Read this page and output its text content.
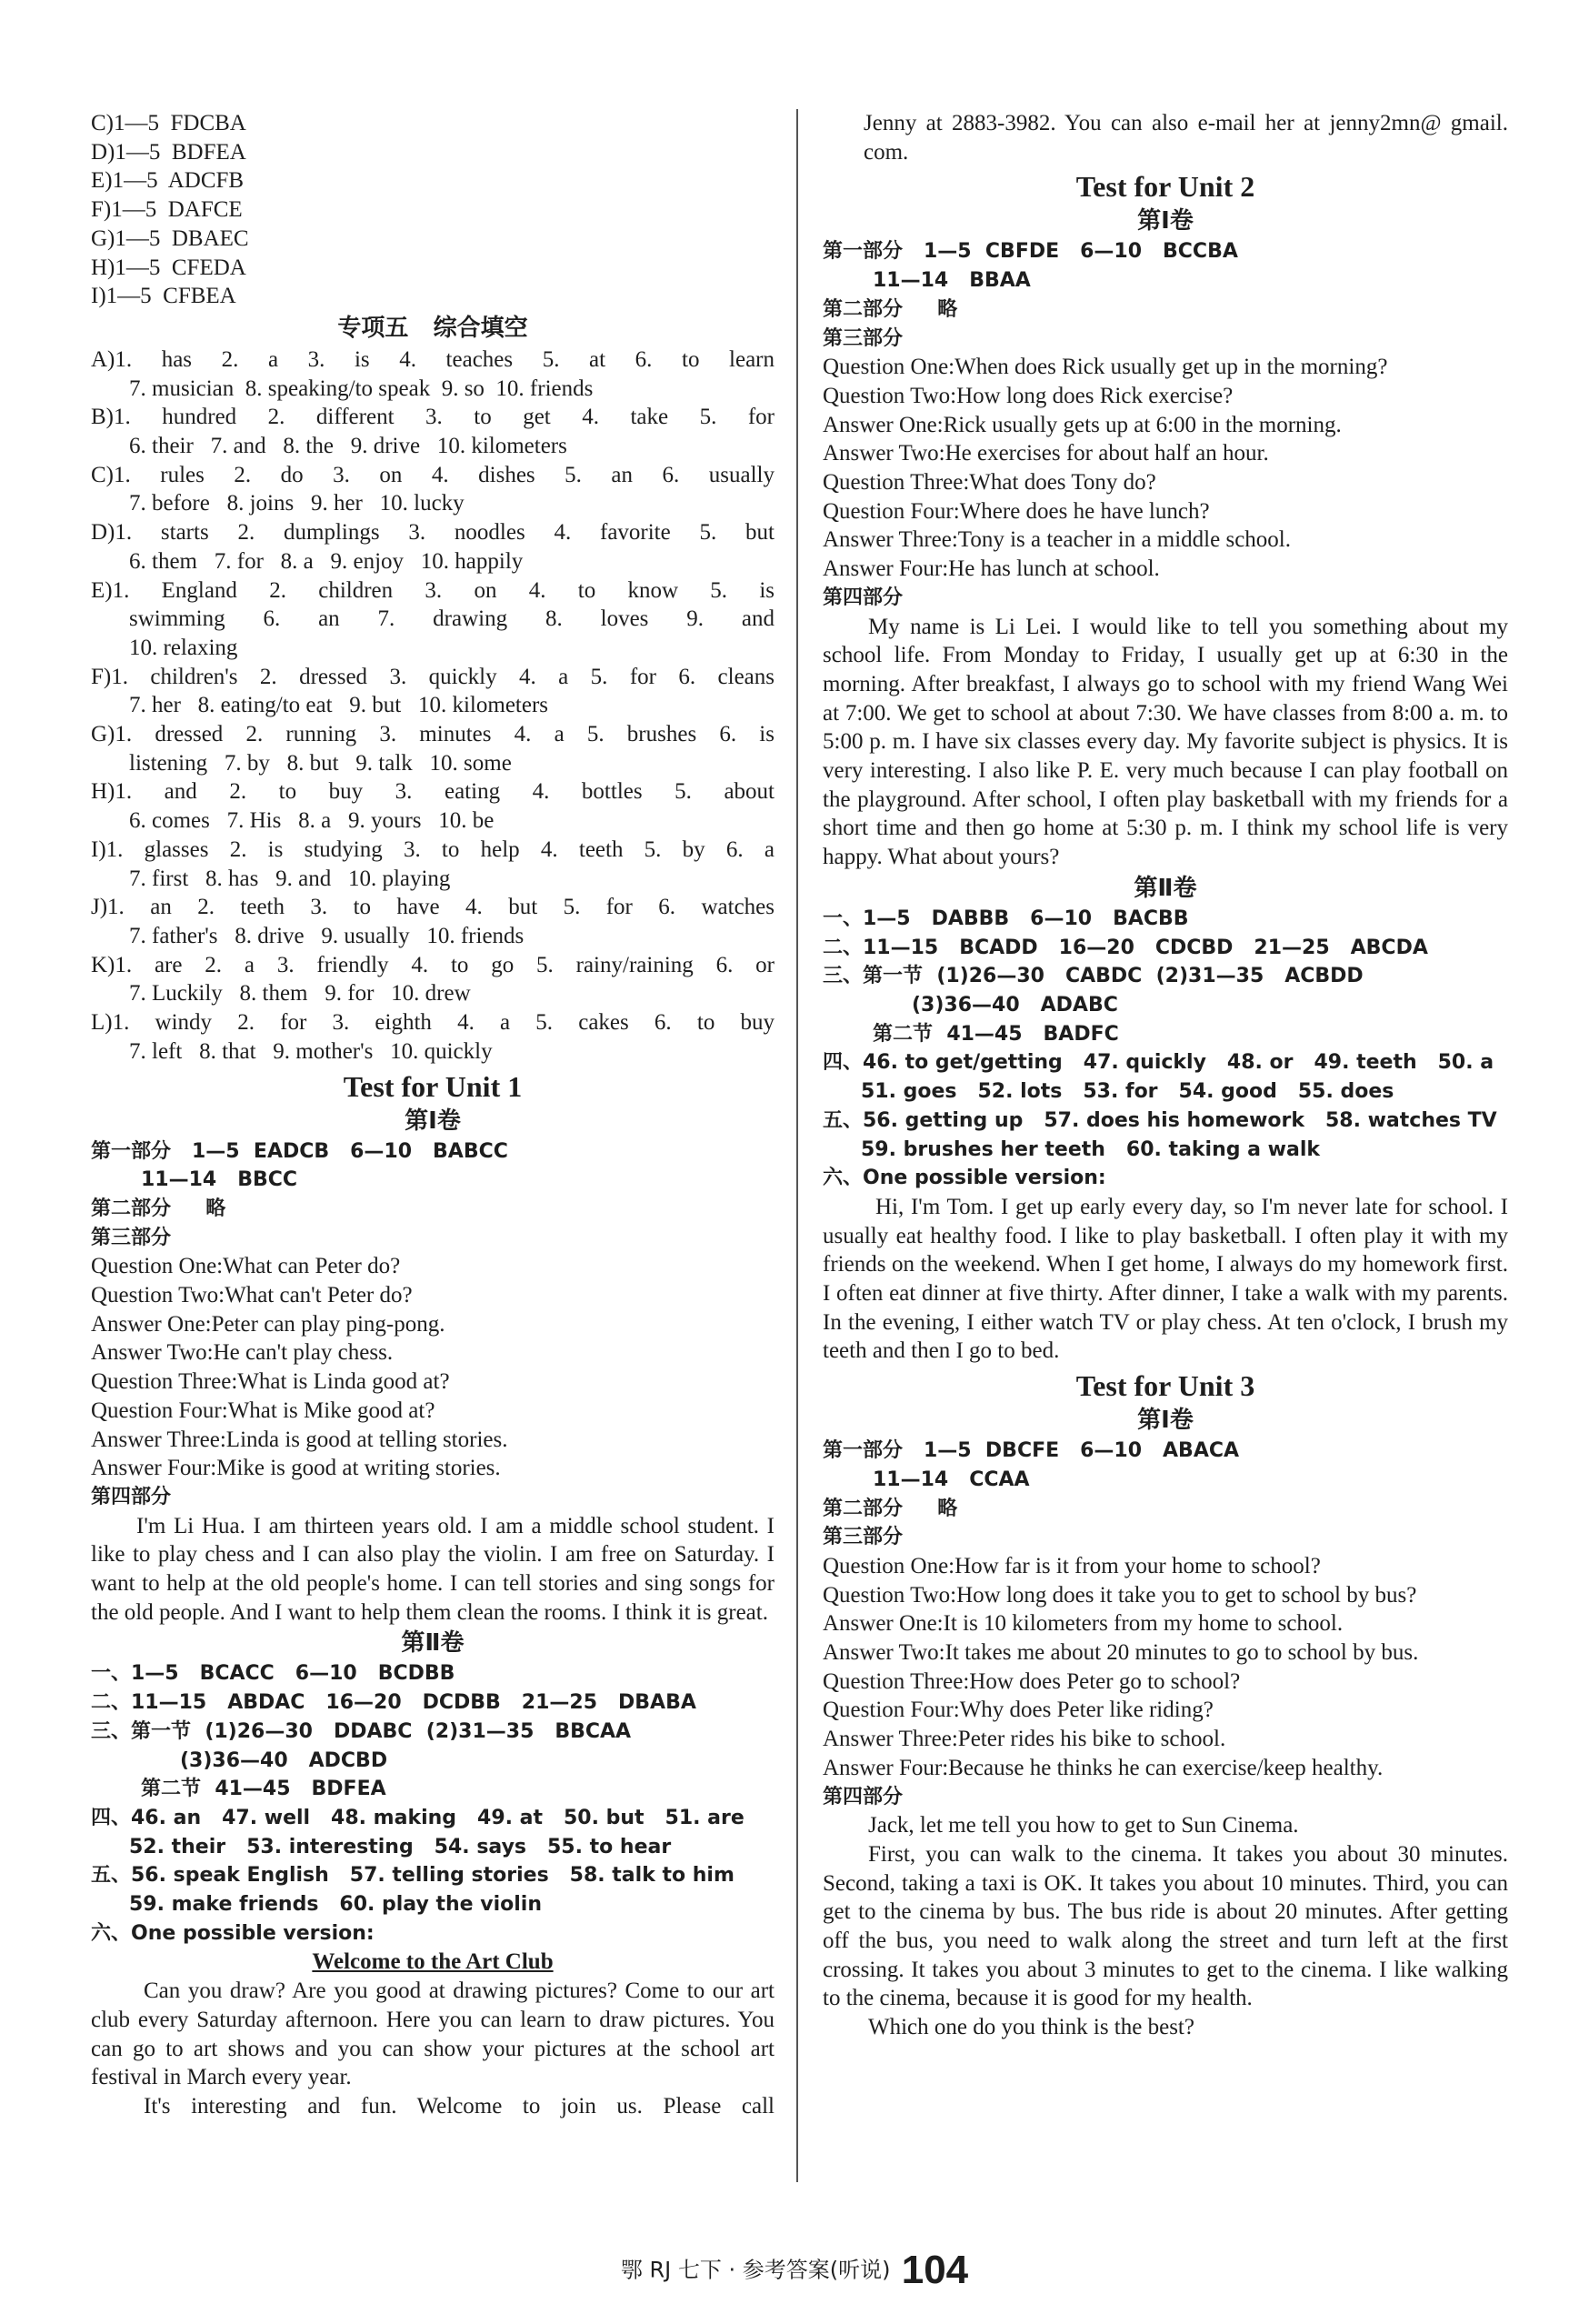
C)1—5  FDCBA
D)1—5  BDFEA
E)1—5  ADCFB
F)1—5  DAFCE
G)1—5  DBAEC
H)1—5  CFEDA
I)1—5  CFBEA
专项五   综合填空
A)1. has 2. a 3. is 4. teaches 5. at 6. to learn
7. musician  8. speaking/to speak  9. so  10. friends
B)1. hundred 2. different 3. to get 4. take 5. for
6. their   7. and   8. the   9. drive   10. kilometers
C)1. rules 2. do 3. on 4. dishes 5. an 6. usually
7. before   8. joins   9. her   10. lucky
D)1. starts 2. dumplings 3. noodles 4. favorite 5. but
6. them   7. for   8. a   9. enjoy   10. happily
E)1. England 2. children 3. on 4. to know 5. is
swimming 6. an 7. drawing 8. loves 9. and
10. relaxing
F)1. children's 2. dressed 3. quickly 4. a 5. for 6. cleans
7. her   8. eating/to eat   9. but   10. kilometers
G)1. dressed 2. running 3. minutes 4. a 5. brushes 6. is
listening   7. by   8. but   9. talk   10. some
H)1. and 2. to buy 3. eating 4. bottles 5. about
6. comes   7. His   8. a   9. yours   10. be
I)1. glasses 2. is studying 3. to help 4. teeth 5. by 6. a
7. first   8. has   9. and   10. playing
J)1. an 2. teeth 3. to have 4. but 5. for 6. watches
7. father's   8. drive   9. usually   10. friends
K)1. are 2. a 3. friendly 4. to go 5. rainy/raining 6. or
7. Luckily   8. them   9. for   10. drew
L)1. windy 2. for 3. eighth 4. a 5. cakes 6. to buy
7. left   8. that   9. mother's   10. quickly
Test for Unit 1
第Ⅰ卷
第一部分   1—5  EADCB   6—10   BABCC
11—14   BBCC
第二部分     略
第三部分
Question One:What can Peter do?
Question Two:What can't Peter do?
Answer One:Peter can play ping-pong.
Answer Two:He can't play chess.
Question Three:What is Linda good at?
Question Four:What is Mike good at?
Answer Three:Linda is good at telling stories.
Answer Four:Mike is good at writing stories.
第四部分
I'm Li Hua. I am thirteen years old. I am a middle school student. I like to play chess and I can also play the violin. I am free on Saturday. I want to help at the old people's home. I can tell stories and sing songs for the old people. And I want to help them clean the rooms. I think it is great.
第Ⅱ卷
一、1—5   BCACC   6—10   BCDBB
二、11—15   ABDAC   16—20   DCDBB   21—25   DBABA
三、第一节  (1)26—30   DDABC  (2)31—35   BBCAA
(3)36—40   ADCBD
第二节  41—45   BDFEA
四、46. an   47. well   48. making   49. at   50. but   51. are
52. their   53. interesting   54. says   55. to hear
五、56. speak English   57. telling stories   58. talk to him
59. make friends   60. play the violin
六、One possible version:
Welcome to the Art Club
Can you draw? Are you good at drawing pictures? Come to our art club every Saturday afternoon. Here you can learn to draw pictures. You can go to art shows and you can show your pictures at the school art festival in March every year.
It's interesting and fun. Welcome to join us. Please call
Jenny at 2883-3982. You can also e-mail her at jenny2mn@ gmail. com.
Test for Unit 2
第Ⅰ卷
第一部分   1—5  CBFDE   6—10   BCCBA
11—14   BBAA
第二部分     略
第三部分
Question One:When does Rick usually get up in the morning?
Question Two:How long does Rick exercise?
Answer One:Rick usually gets up at 6:00 in the morning.
Answer Two:He exercises for about half an hour.
Question Three:What does Tony do?
Question Four:Where does he have lunch?
Answer Three:Tony is a teacher in a middle school.
Answer Four:He has lunch at school.
第四部分
My name is Li Lei. I would like to tell you something about my school life. From Monday to Friday, I usually get up at 6:30 in the morning. After breakfast, I always go to school with my friend Wang Wei at 7:00. We get to school at about 7:30. We have classes from 8:00 a. m. to 5:00 p. m. I have six classes every day. My favorite subject is physics. It is very interesting. I also like P. E. very much because I can play football on the playground. After school, I often play basketball with my friends for a short time and then go home at 5:30 p. m. I think my school life is very happy. What about yours?
第Ⅱ卷
一、1—5   DABBB   6—10   BACBB
二、11—15   BCADD   16—20   CDCBD   21—25   ABCDA
三、第一节  (1)26—30   CABDC  (2)31—35   ACBDD
(3)36—40   ADABC
第二节  41—45   BADFC
四、46. to get/getting   47. quickly   48. or   49. teeth   50. a
51. goes   52. lots   53. for   54. good   55. does
五、56. getting up   57. does his homework   58. watches TV
59. brushes her teeth   60. taking a walk
六、One possible version:
Hi, I'm Tom. I get up early every day, so I'm never late for school. I usually eat healthy food. I like to play basketball. I often play it with my friends on the weekend. When I get home, I always do my homework first. I often eat dinner at five thirty. After dinner, I take a walk with my parents. In the evening, I either watch TV or play chess. At ten o'clock, I brush my teeth and then I go to bed.
Test for Unit 3
第Ⅰ卷
第一部分   1—5  DBCFE   6—10   ABACA
11—14   CCAA
第二部分     略
第三部分
Question One:How far is it from your home to school?
Question Two:How long does it take you to get to school by bus?
Answer One:It is 10 kilometers from my home to school.
Answer Two:It takes me about 20 minutes to go to school by bus.
Question Three:How does Peter go to school?
Question Four:Why does Peter like riding?
Answer Three:Peter rides his bike to school.
Answer Four:Because he thinks he can exercise/keep healthy.
第四部分
Jack, let me tell you how to get to Sun Cinema.
First, you can walk to the cinema. It takes you about 30 minutes. Second, taking a taxi is OK. It takes you about 10 minutes. Third, you can get to the cinema by bus. The bus ride is about 20 minutes. After getting off the bus, you need to walk along the street and turn left at the first crossing. It takes you about 3 minutes to get to the cinema. I like walking to the cinema, because it is good for my health.
Which one do you think is the best?
鄂 RJ 七下 · 参考答案(听说) 104
